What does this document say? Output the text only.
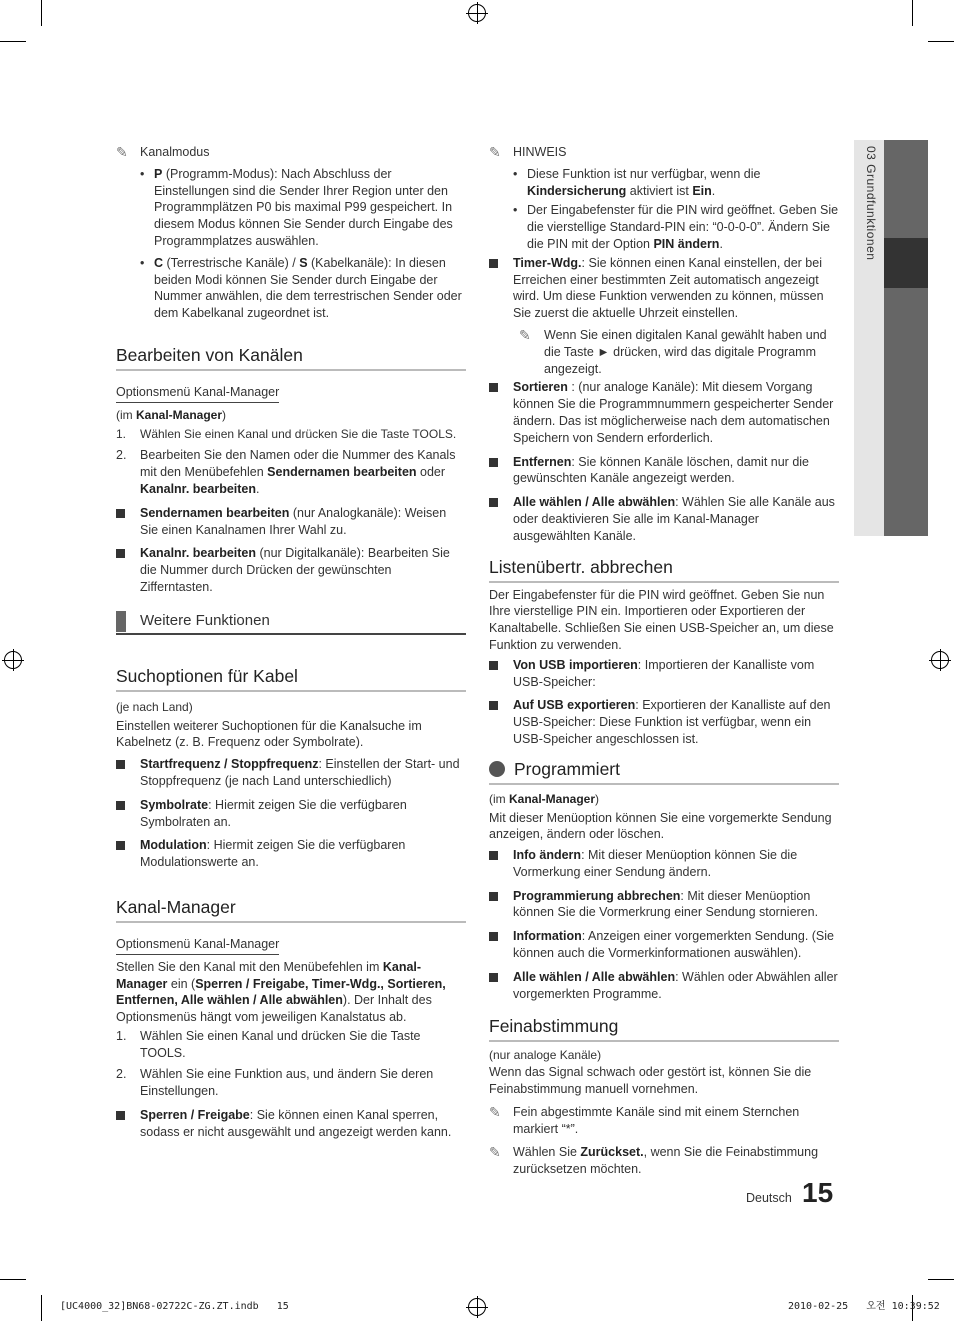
03 Grundfunktionen
✎ Kanalmodus
• P (Programm-Modus): Nach Abschluss der Einstellungen sind die Sender Ihrer Region unter den Programmplätzen P0 bis maximal P99 gespeichert. In diesem Modus können Sie Sender durch Eingabe des Programmplatzes auswählen.
• C (Terrestrische Kanäle) / S (Kabelkanäle): In diesen beiden Modi können Sie Sender durch Eingabe der Nummer anwählen, die dem terrestrischen Sender oder dem Kabelkanal zugeordnet ist.
Bearbeiten von Kanälen
Optionsmenü Kanal-Manager
(im Kanal-Manager)
1. Wählen Sie einen Kanal und drücken Sie die Taste TOOLS.
2. Bearbeiten Sie den Namen oder die Nummer des Kanals mit den Menübefehlen Sendernamen bearbeiten oder Kanalnr. bearbeiten.
Sendernamen bearbeiten (nur Analogkanäle): Weisen Sie einen Kanalnamen Ihrer Wahl zu.
Kanalnr. bearbeiten (nur Digitalkanäle): Bearbeiten Sie die Nummer durch Drücken der gewünschten Zifferntasten.
Weitere Funktionen
Suchoptionen für Kabel
(je nach Land)
Einstellen weiterer Suchoptionen für die Kanalsuche im Kabelnetz (z. B. Frequenz oder Symbolrate).
Startfrequenz / Stoppfrequenz: Einstellen der Start- und Stoppfrequenz (je nach Land unterschiedlich)
Symbolrate: Hiermit zeigen Sie die verfügbaren Symbolraten an.
Modulation: Hiermit zeigen Sie die verfügbaren Modulationswerte an.
Kanal-Manager
Optionsmenü Kanal-Manager
Stellen Sie den Kanal mit den Menübefehlen im Kanal-Manager ein (Sperren / Freigabe, Timer-Wdg., Sortieren, Entfernen, Alle wählen / Alle abwählen). Der Inhalt des Optionsmenüs hängt vom jeweiligen Kanalstatus ab.
1. Wählen Sie einen Kanal und drücken Sie die Taste TOOLS.
2. Wählen Sie eine Funktion aus, und ändern Sie deren Einstellungen.
Sperren / Freigabe: Sie können einen Kanal sperren, sodass er nicht ausgewählt und angezeigt werden kann.
✎ HINWEIS
• Diese Funktion ist nur verfügbar, wenn die Kindersicherung aktiviert ist Ein.
• Der Eingabefenster für die PIN wird geöffnet. Geben Sie die vierstellige Standard-PIN ein: “0-0-0-0”. Ändern Sie die PIN mit der Option PIN ändern.
Timer-Wdg.: Sie können einen Kanal einstellen, der bei Erreichen einer bestimmten Zeit automatisch angezeigt wird. Um diese Funktion verwenden zu können, müssen Sie zuerst die aktuelle Uhrzeit einstellen.
✎ Wenn Sie einen digitalen Kanal gewählt haben und die Taste ► drücken, wird das digitale Programm angezeigt.
Sortieren : (nur analoge Kanäle): Mit diesem Vorgang können Sie die Programmnummern gespeicherter Sender ändern. Das ist möglicherweise nach dem automatischen Speichern von Sendern erforderlich.
Entfernen: Sie können Kanäle löschen, damit nur die gewünschten Kanäle angezeigt werden.
Alle wählen / Alle abwählen: Wählen Sie alle Kanäle aus oder deaktivieren Sie alle im Kanal-Manager ausgewählten Kanäle.
Listenübertr. abbrechen
Der Eingabefenster für die PIN wird geöffnet. Geben Sie nun Ihre vierstellige PIN ein. Importieren oder Exportieren der Kanaltabelle. Schließen Sie einen USB-Speicher an, um diese Funktion zu verwenden.
Von USB importieren: Importieren der Kanalliste vom USB-Speicher:
Auf USB exportieren: Exportieren der Kanalliste auf den USB-Speicher: Diese Funktion ist verfügbar, wenn ein USB-Speicher angeschlossen ist.
Programmiert
(im Kanal-Manager)
Mit dieser Menüoption können Sie eine vorgemerkte Sendung anzeigen, ändern oder löschen.
Info ändern: Mit dieser Menüoption können Sie die Vormerkung einer Sendung ändern.
Programmierung abbrechen: Mit dieser Menüoption können Sie die Vormerkrung einer Sendung stornieren.
Information: Anzeigen einer vorgemerkten Sendung. (Sie können auch die Vormerkinformationen auswählen).
Alle wählen / Alle abwählen: Wählen oder Abwählen aller vorgemerkten Programme.
Feinabstimmung
(nur analoge Kanäle)
Wenn das Signal schwach oder gestört ist, können Sie die Feinabstimmung manuell vornehmen.
✎ Fein abgestimmte Kanäle sind mit einem Sternchen markiert “*”.
✎ Wählen Sie Zurückset., wenn Sie die Feinabstimmung zurücksetzen möchten.
Deutsch 15
[UC4000_32]BN68-02722C-ZG.ZT.indb   15	2010-02-25   오전 10:39:52
